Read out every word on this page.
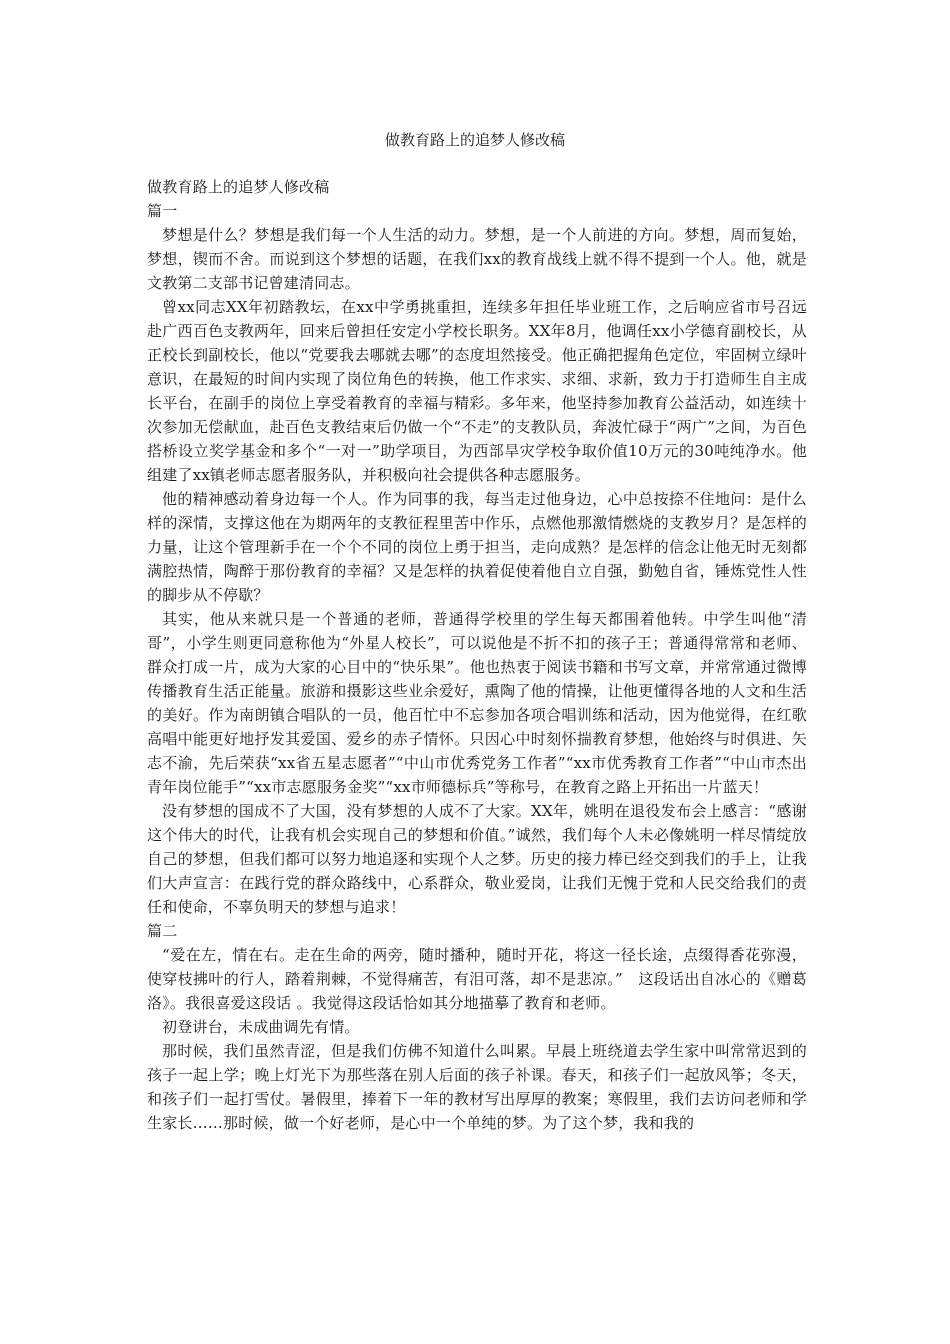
做教育路上的追梦人修改稿

做教育路上的追梦人修改稿

篇一

梦想是什么？梦想是我们每一个人生活的动力。梦想，是一个人前进的方向。梦想，周而复始，梦想，锲而不舍。而说到这个梦想的话题，在我们xx的教育战线上就不得不提到一个人。他，就是文教第二支部书记曾建清同志。

曾xx同志XX年初踏教坛，在xx中学勇挑重担，连续多年担任毕业班工作，之后响应省市号召远赴广西百色支教两年，回来后曾担任安定小学校长职务。XX年8月，他调任xx小学德育副校长，从正校长到副校长，他以“党要我去哪就去哪”的态度坦然接受。他正确把握角色定位，牢固树立绿叶意识，在最短的时间内实现了岗位角色的转换，他工作求实、求细、求新，致力于打造师生自主成长平台，在副手的岗位上享受着教育的幸福与精彩。多年来，他坚持参加教育公益活动，如连续十次参加无偿献血，赴百色支教结束后仍做一个“不走”的支教队员，奔波忙碌于“两广”之间，为百色搭桥设立奖学基金和多个“一对一”助学项目，为西部旱灾学校争取价值10万元的30吨纯净水。他组建了xx镇老师志愿者服务队，并积极向社会提供各种志愿服务。

他的精神感动着身边每一个人。作为同事的我，每当走过他身边，心中总按捺不住地问：是什么样的深情，支撑这他在为期两年的支教征程里苦中作乐，点燃他那激情燃烧的支教岁月？是怎样的力量，让这个管理新手在一个个不同的岗位上勇于担当，走向成熟？是怎样的信念让他无时无刻都满腔热情，陶醉于那份教育的幸福？又是怎样的执着促使着他自立自强，勤勉自省，锤炼党性人性的脚步从不停歇？

其实，他从来就只是一个普通的老师，普通得学校里的学生每天都围着他转。中学生叫他“清哥”，小学生则更同意称他为“外星人校长”，可以说他是不折不扣的孩子王；普通得常常和老师、群众打成一片，成为大家的心目中的“快乐果”。他也热衷于阅读书籍和书写文章，并常常通过微博传播教育生活正能量。旅游和摄影这些业余爱好，熏陶了他的情操，让他更懂得各地的人文和生活的美好。作为南朗镇合唱队的一员，他百忙中不忘参加各项合唱训练和活动，因为他觉得，在红歌高唱中能更好地抒发其爱国、爱乡的赤子情怀。只因心中时刻怀揣教育梦想，他始终与时俱进、矢志不渝，先后荣获“xx省五星志愿者”“中山市优秀党务工作者”“xx市优秀教育工作者”“中山市杰出青年岗位能手”“xx市志愿服务金奖”“xx市师德标兵”等称号，在教育之路上开拓出一片蓝天！

没有梦想的国成不了大国，没有梦想的人成不了大家。XX年，姚明在退役发布会上感言：“感谢这个伟大的时代，让我有机会实现自己的梦想和价值。”诚然，我们每个人未必像姚明一样尽情绽放自己的梦想，但我们都可以努力地追逐和实现个人之梦。历史的接力棒已经交到我们的手上，让我们大声宣言：在践行党的群众路线中，心系群众，敬业爱岗，让我们无愧于党和人民交给我们的责任和使命，不辜负明天的梦想与追求！

篇二

“爱在左，情在右。走在生命的两旁，随时播种，随时开花，将这一径长途，点缀得香花弥漫，使穿枝拂叶的行人，踏着荆棘，不觉得痛苦，有泪可落，却不是悲凉。”　这段话出自冰心的《赠葛洛》。我很喜爱这段话 。我觉得这段话恰如其分地描摹了教育和老师。

初登讲台，未成曲调先有情。

那时候，我们虽然青涩，但是我们仿佛不知道什么叫累。早晨上班绕道去学生家中叫常常迟到的孩子一起上学；晚上灯光下为那些落在别人后面的孩子补课。春天，和孩子们一起放风筝；冬天，和孩子们一起打雪仗。暑假里，捧着下一年的教材写出厚厚的教案；寒假里，我们去访问老师和学生家长……那时候，做一个好老师，是心中一个单纯的梦。为了这个梦，我和我的
